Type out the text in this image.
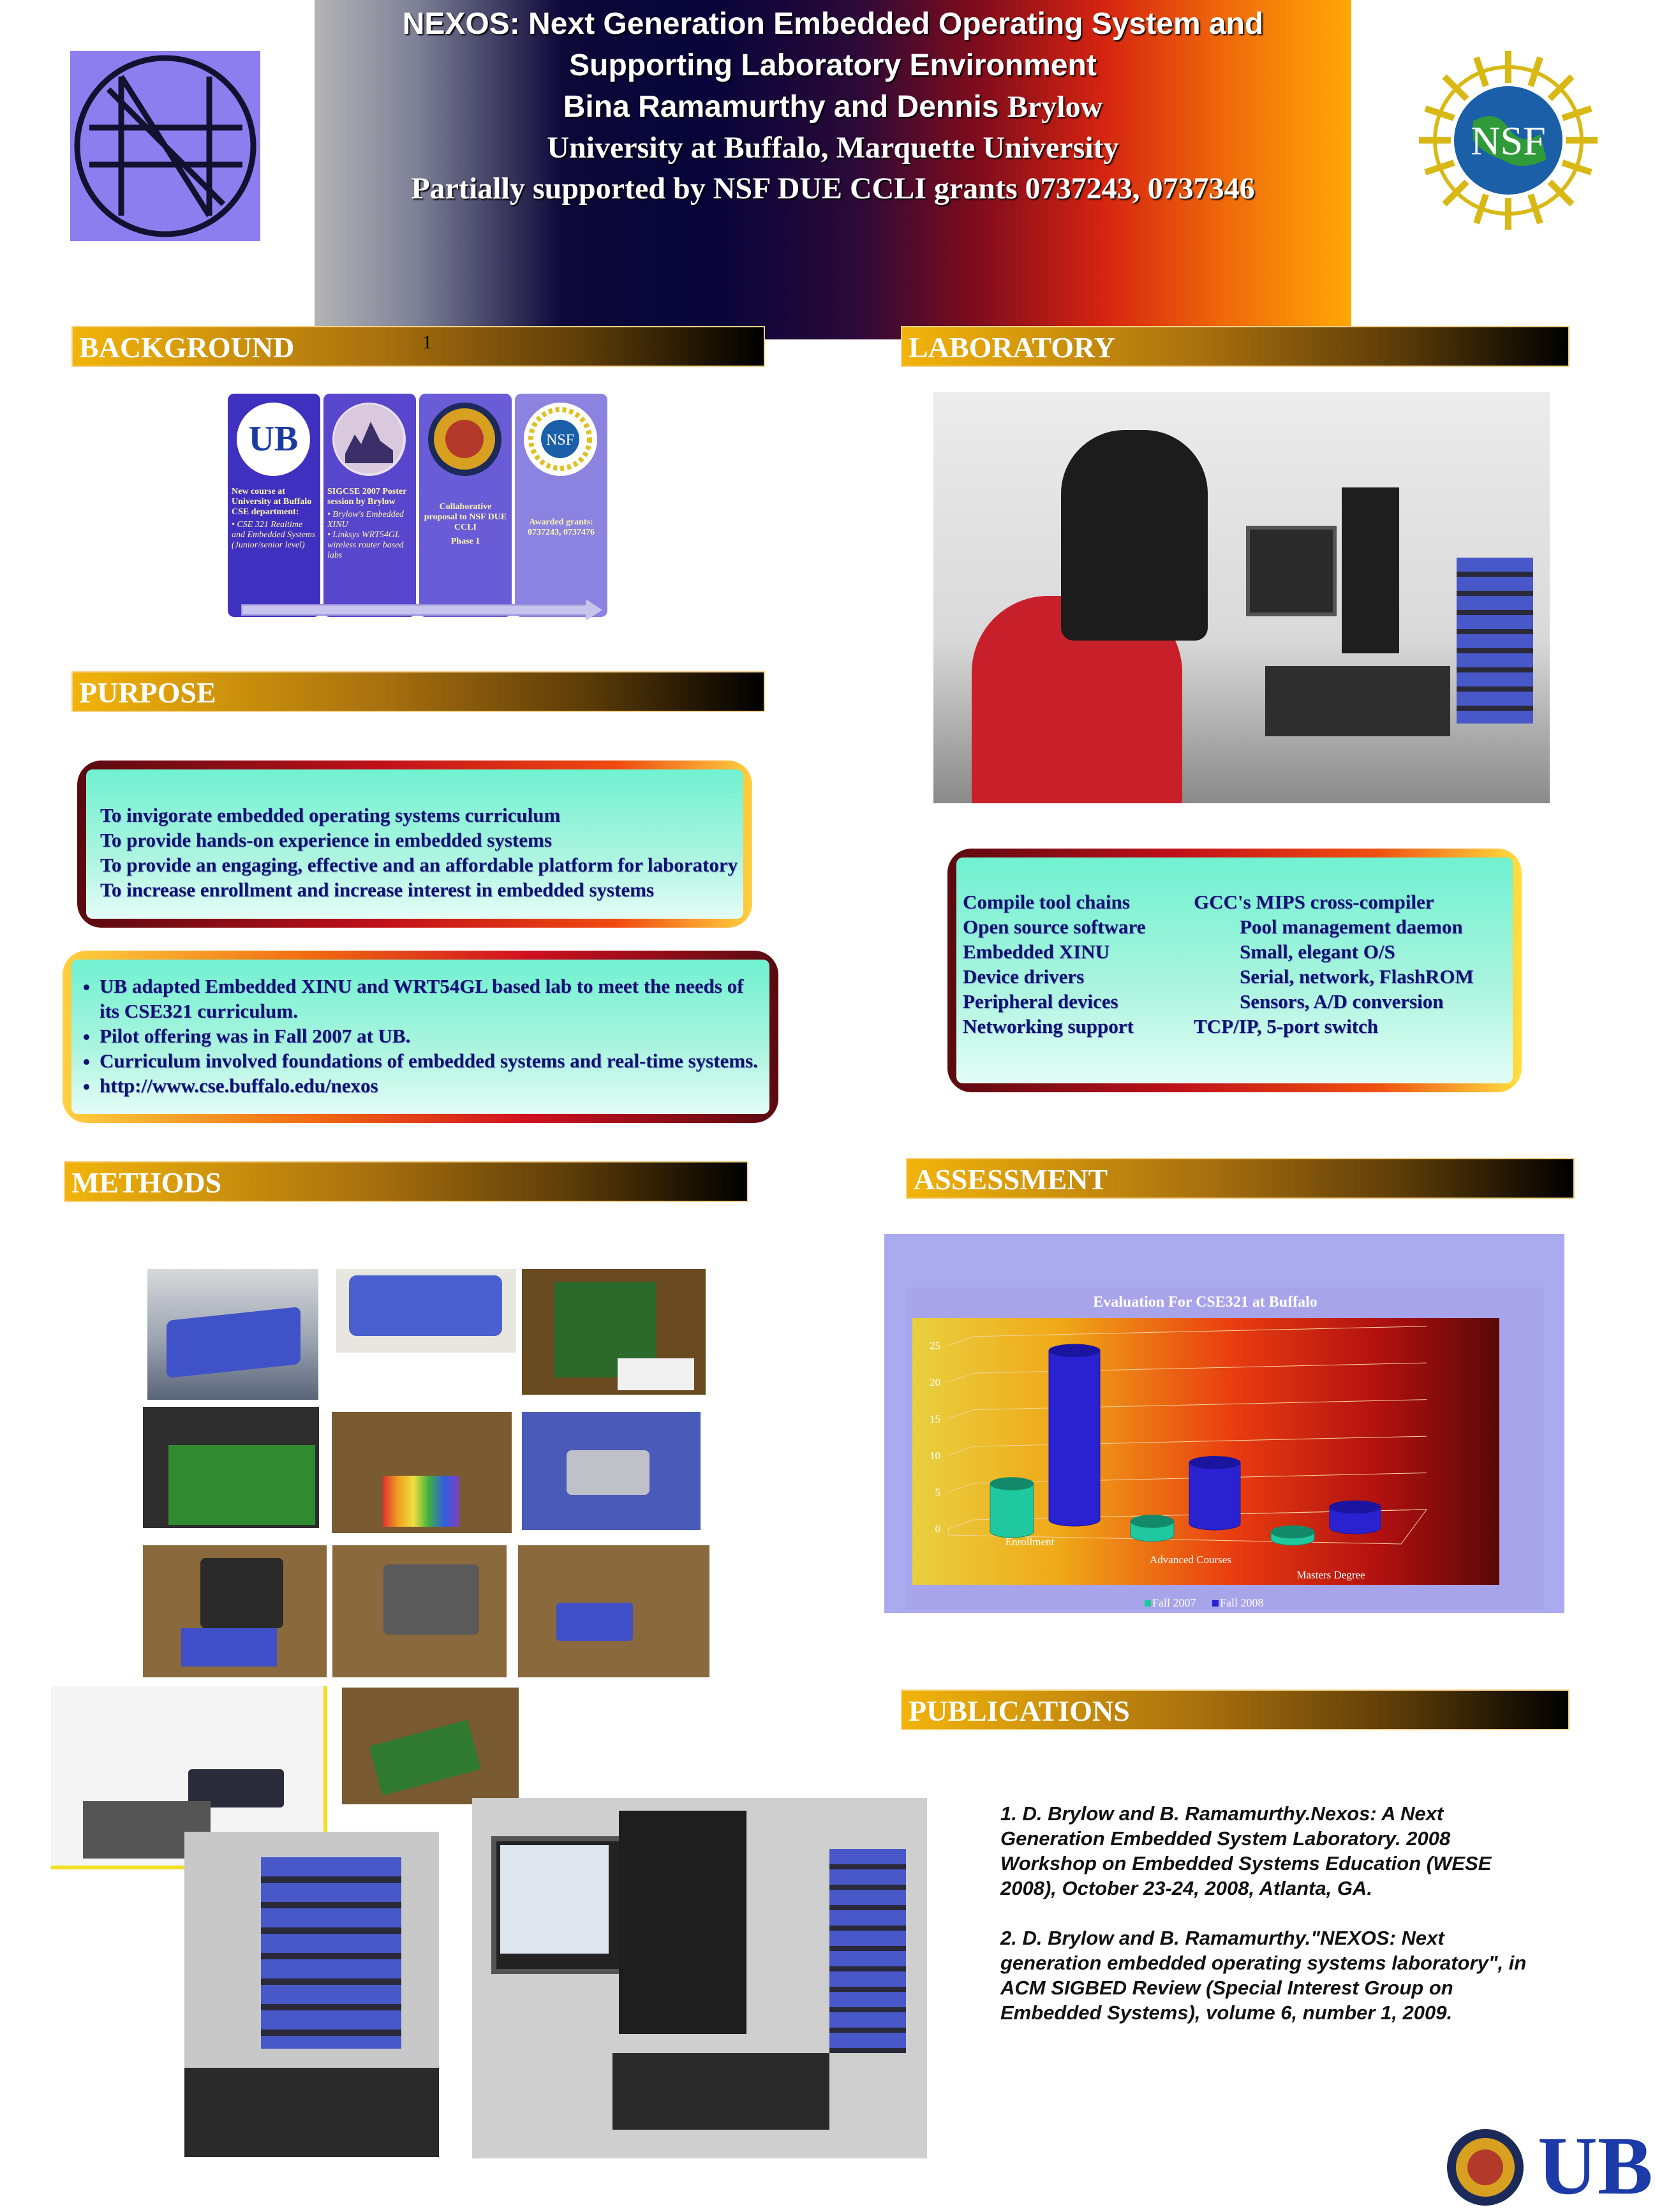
NEXOS: Next Generation Embedded Operating System and
Supporting Laboratory Environment
Bina Ramamurthy and Dennis Brylow
University at Buffalo, Marquette University
Partially supported by NSF DUE CCLI grants 0737243, 0737346
NSF
BACKGROUND	1
UB
New course at University at Buffalo CSE department:
• CSE 321 Realtime and Embedded Systems (Junior/senior level)
SIGCSE 2007 Poster session by Brylow
• Brylow's Embedded XINU
• Linksys WRT54GL wireless router based labs
Collaborative proposal to NSF DUE CCLI
Phase 1
NSF
Awarded grants: 0737243, 0737476
PURPOSE
To invigorate embedded operating systems curriculum
To provide hands-on experience in embedded systems
To provide an engaging, effective and an affordable platform for laboratory
To increase enrollment and increase interest in embedded systems
• UB adapted Embedded XINU and WRT54GL based lab to meet the needs of its CSE321 curriculum.
• Pilot offering was in Fall 2007 at UB.
• Curriculum involved foundations of embedded systems and real-time systems.
• http://www.cse.buffalo.edu/nexos
METHODS
LABORATORY
Compile tool chains	GCC's MIPS cross-compiler
Open source software	Pool management daemon
Embedded XINU	Small, elegant O/S
Device drivers	Serial, network, FlashROM
Peripheral devices	Sensors, A/D conversion
Networking support	TCP/IP, 5-port switch
ASSESSMENT
Evaluation For CSE321 at Buffalo
0
5
10
15
20
25
Enrollment
Advanced Courses
Masters Degree
Fall 2007 Fall 2008
PUBLICATIONS
1. D. Brylow and B. Ramamurthy.Nexos: A Next Generation Embedded System Laboratory. 2008 Workshop on Embedded Systems Education (WESE 2008), October 23-24, 2008, Atlanta, GA.
2. D. Brylow and B. Ramamurthy."NEXOS: Next generation embedded operating systems laboratory", in ACM SIGBED Review (Special Interest Group on Embedded Systems), volume 6, number 1, 2009.
UB
